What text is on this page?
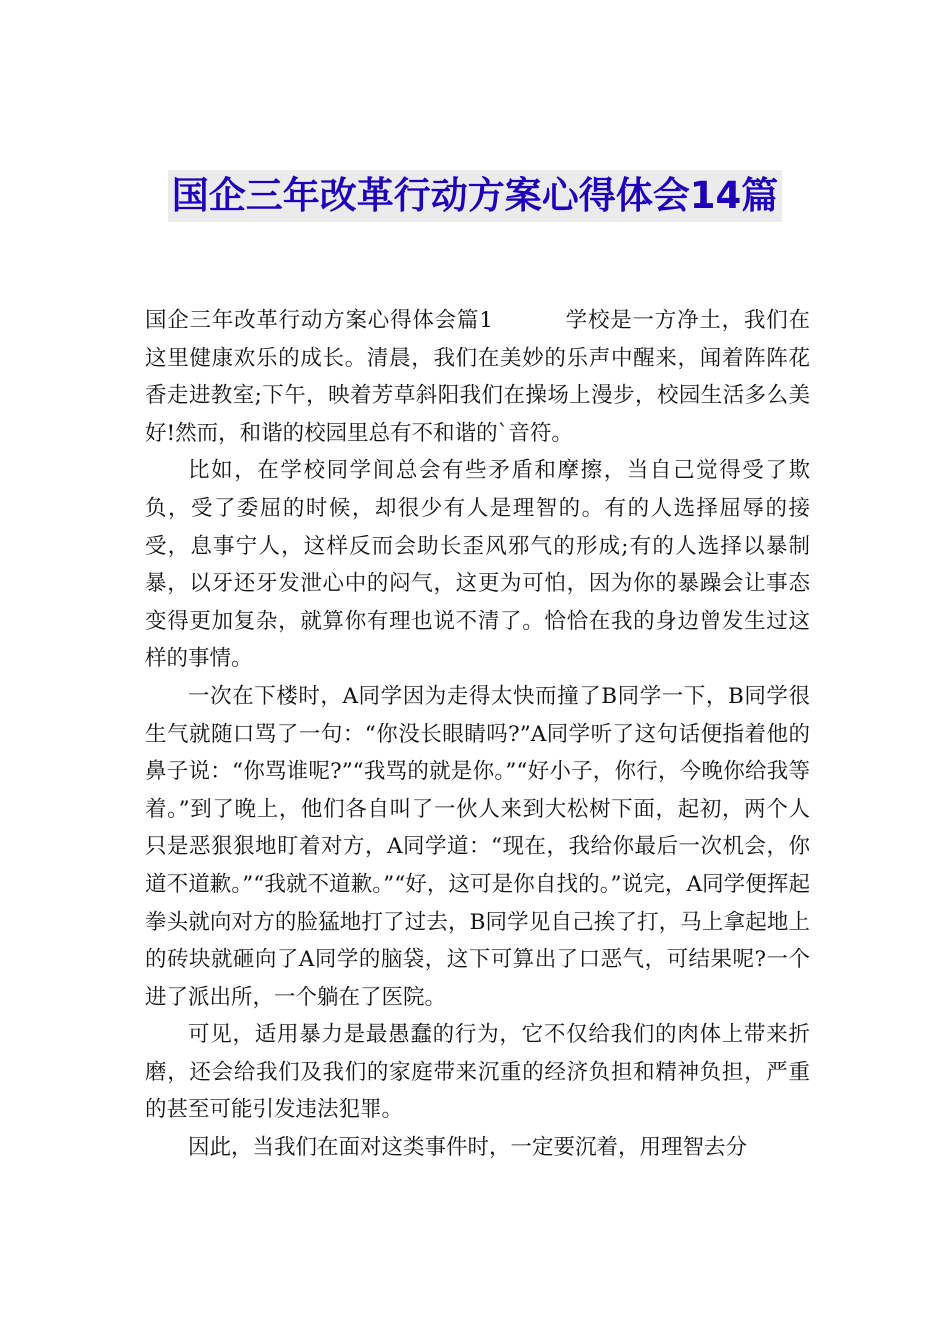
国企三年改革行动方案心得体会14篇

国企三年改革行动方案心得体会篇1	学校是一方净土，我们在这里健康欢乐的成长。清晨，我们在美妙的乐声中醒来，闻着阵阵花香走进教室;下午，映着芳草斜阳我们在操场上漫步，校园生活多么美好!然而，和谐的校园里总有不和谐的`音符。

比如，在学校同学间总会有些矛盾和摩擦，当自己觉得受了欺负，受了委屈的时候，却很少有人是理智的。有的人选择屈辱的接受，息事宁人，这样反而会助长歪风邪气的形成;有的人选择以暴制暴，以牙还牙发泄心中的闷气，这更为可怕，因为你的暴躁会让事态变得更加复杂，就算你有理也说不清了。恰恰在我的身边曾发生过这样的事情。

一次在下楼时，A同学因为走得太快而撞了B同学一下，B同学很生气就随口骂了一句：“你没长眼睛吗?”A同学听了这句话便指着他的鼻子说：“你骂谁呢?”“我骂的就是你。”“好小子，你行，今晚你给我等着。”到了晚上，他们各自叫了一伙人来到大松树下面，起初，两个人只是恶狠狠地盯着对方，A同学道：“现在，我给你最后一次机会，你道不道歉。”“我就不道歉。”“好，这可是你自找的。”说完，A同学便挥起拳头就向对方的脸猛地打了过去，B同学见自己挨了打，马上拿起地上的砖块就砸向了A同学的脑袋，这下可算出了口恶气，可结果呢?一个进了派出所，一个躺在了医院。

可见，适用暴力是最愚蠢的行为，它不仅给我们的肉体上带来折磨，还会给我们及我们的家庭带来沉重的经济负担和精神负担，严重的甚至可能引发违法犯罪。

因此，当我们在面对这类事件时，一定要沉着，用理智去分
